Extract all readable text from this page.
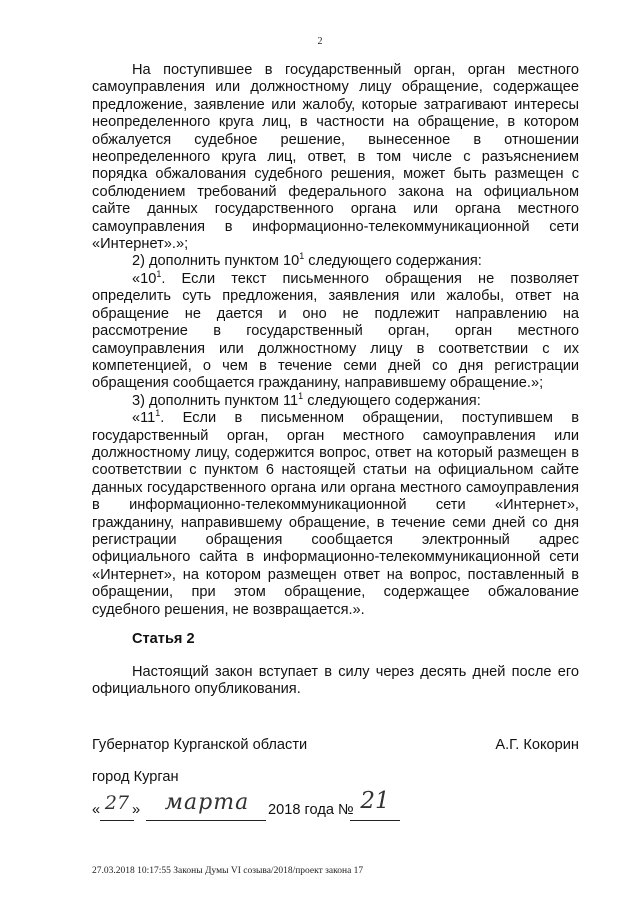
2

На поступившее в государственный орган, орган местного самоуправления или должностному лицу обращение, содержащее предложение, заявление или жалобу, которые затрагивают интересы неопределенного круга лиц, в частности на обращение, в котором обжалуется судебное решение, вынесенное в отношении неопределенного круга лиц, ответ, в том числе с разъяснением порядка обжалования судебного решения, может быть размещен с соблюдением требований федерального закона на официальном сайте данных государственного органа или органа местного самоуправления в информационно-телекоммуникационной сети «Интернет».»;

2) дополнить пунктом $10^1$ следующего содержания:

«$10^1$. Если текст письменного обращения не позволяет определить суть предложения, заявления или жалобы, ответ на обращение не дается и оно не подлежит направлению на рассмотрение в государственный орган, орган местного самоуправления или должностному лицу в соответствии с их компетенцией, о чем в течение семи дней со дня регистрации обращения сообщается гражданину, направившему обращение.»;

3) дополнить пунктом $11^1$ следующего содержания:

«$11^1$. Если в письменном обращении, поступившем в государственный орган, орган местного самоуправления или должностному лицу, содержится вопрос, ответ на который размещен в соответствии с пунктом 6 настоящей статьи на официальном сайте данных государственного органа или органа местного самоуправления в информационно-телекоммуникационной сети «Интернет», гражданину, направившему обращение, в течение семи дней со дня регистрации обращения сообщается электронный адрес официального сайта в информационно-телекоммуникационной сети «Интернет», на котором размещен ответ на вопрос, поставленный в обращении, при этом обращение, содержащее обжалование судебного решения, не возвращается.».

Статья 2

Настоящий закон вступает в силу через десять дней после его официального опубликования.

Губернатор Курганской области	А.Г. Кокорин
город Курган
« 27 »	марта	2018 года № 21
27.03.2018 10:17:55 Законы Думы VI созыва/2018/проект закона 17
